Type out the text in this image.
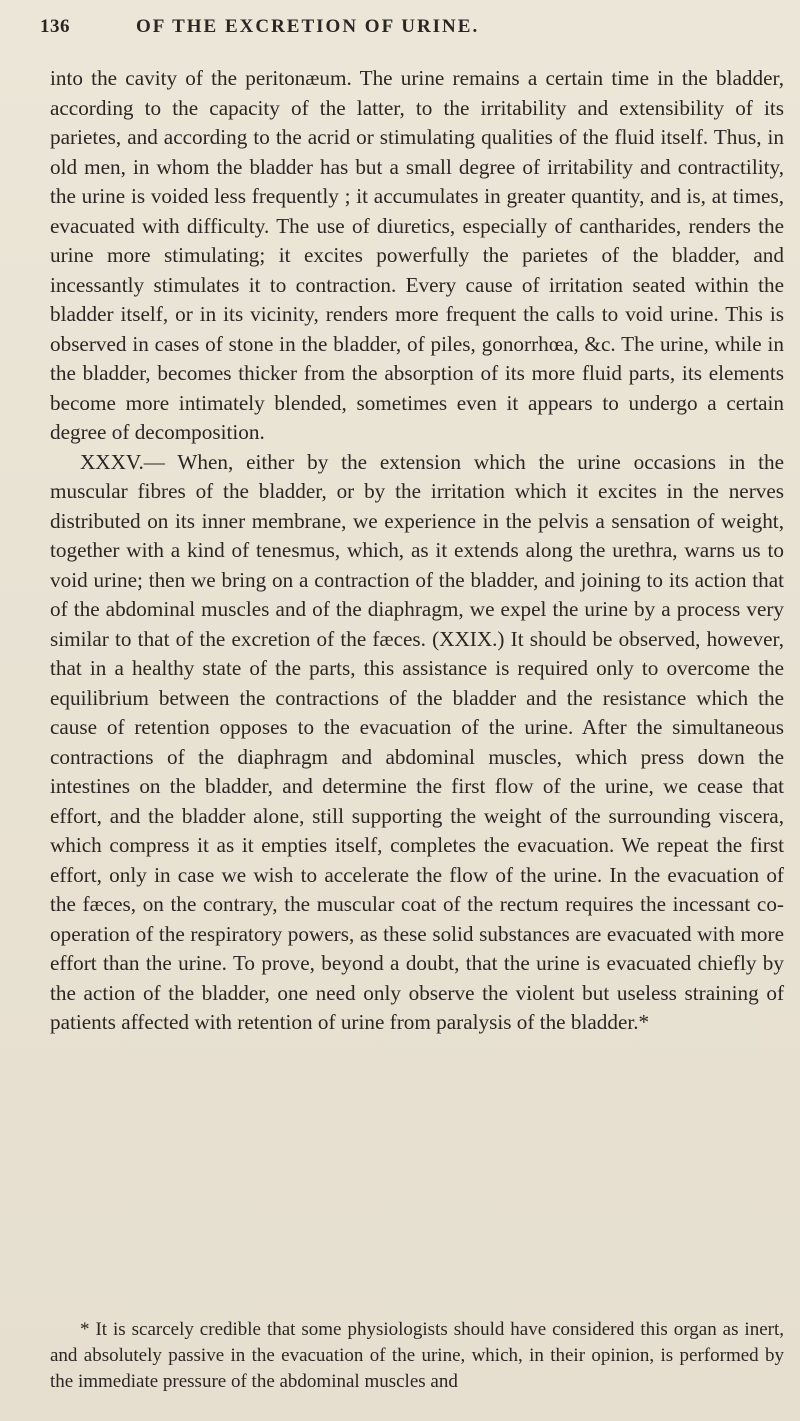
136	OF THE EXCRETION OF URINE.

into the cavity of the peritonæum. The urine remains a certain time in the bladder, according to the capacity of the latter, to the irritability and extensibility of its parietes, and according to the acrid or stimulating qualities of the fluid itself. Thus, in old men, in whom the bladder has but a small degree of irritability and contractility, the urine is voided less frequently ; it accumulates in greater quantity, and is, at times, evacuated with difficulty. The use of diuretics, especially of cantharides, renders the urine more stimulating; it excites powerfully the parietes of the bladder, and incessantly stimulates it to contraction. Every cause of irritation seated within the bladder itself, or in its vicinity, renders more frequent the calls to void urine. This is observed in cases of stone in the bladder, of piles, gonorrhœa, &c. The urine, while in the bladder, becomes thicker from the absorption of its more fluid parts, its elements become more intimately blended, sometimes even it appears to undergo a certain degree of decomposition.

XXXV.— When, either by the extension which the urine occasions in the muscular fibres of the bladder, or by the irritation which it excites in the nerves distributed on its inner membrane, we experience in the pelvis a sensation of weight, together with a kind of tenesmus, which, as it extends along the urethra, warns us to void urine; then we bring on a contraction of the bladder, and joining to its action that of the abdominal muscles and of the diaphragm, we expel the urine by a process very similar to that of the excretion of the fæces. (XXIX.) It should be observed, however, that in a healthy state of the parts, this assistance is required only to overcome the equilibrium between the contractions of the bladder and the resistance which the cause of retention opposes to the evacuation of the urine. After the simultaneous contractions of the diaphragm and abdominal muscles, which press down the intestines on the bladder, and determine the first flow of the urine, we cease that effort, and the bladder alone, still supporting the weight of the surrounding viscera, which compress it as it empties itself, completes the evacuation. We repeat the first effort, only in case we wish to accelerate the flow of the urine. In the evacuation of the fæces, on the contrary, the muscular coat of the rectum requires the incessant co-operation of the respiratory powers, as these solid substances are evacuated with more effort than the urine. To prove, beyond a doubt, that the urine is evacuated chiefly by the action of the bladder, one need only observe the violent but useless straining of patients affected with retention of urine from paralysis of the bladder.*

* It is scarcely credible that some physiologists should have considered this organ as inert, and absolutely passive in the evacuation of the urine, which, in their opinion, is performed by the immediate pressure of the abdominal muscles and
